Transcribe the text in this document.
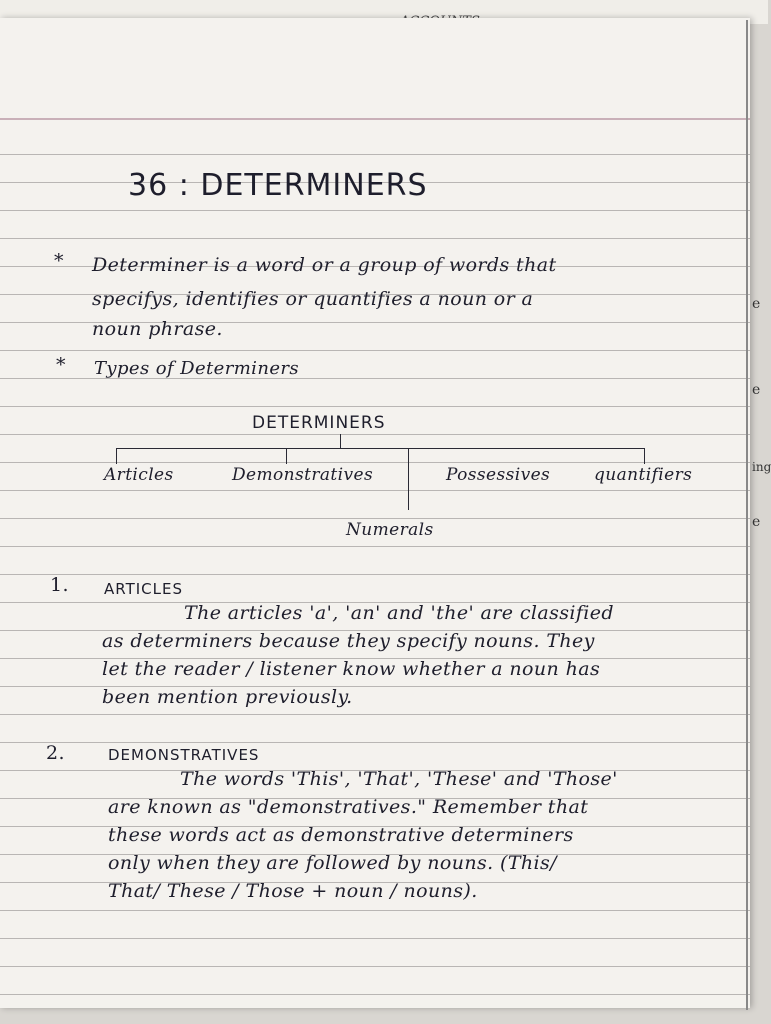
36 : DETERMINERS
* Determiner is a word or a group of words that
specifys, identifies or quantifies a noun or a
noun phrase.
* Types of Determiners
DETERMINERS
Articles	Demonstratives	Possessives	quantifiers
Numerals
1. ARTICLES
The articles 'a', 'an' and 'the' are classified
as determiners because they specify nouns. They
let the reader / listener know whether a noun has
been mention previously.
2.	DEMONSTRATIVES
The words 'This', 'That', 'These' and 'Those'
are known as "demonstratives." Remember that
these words act as demonstrative determiners
only when they are followed by nouns. (This/
That/ These / Those + noun / nouns).
e
e
ing
e
